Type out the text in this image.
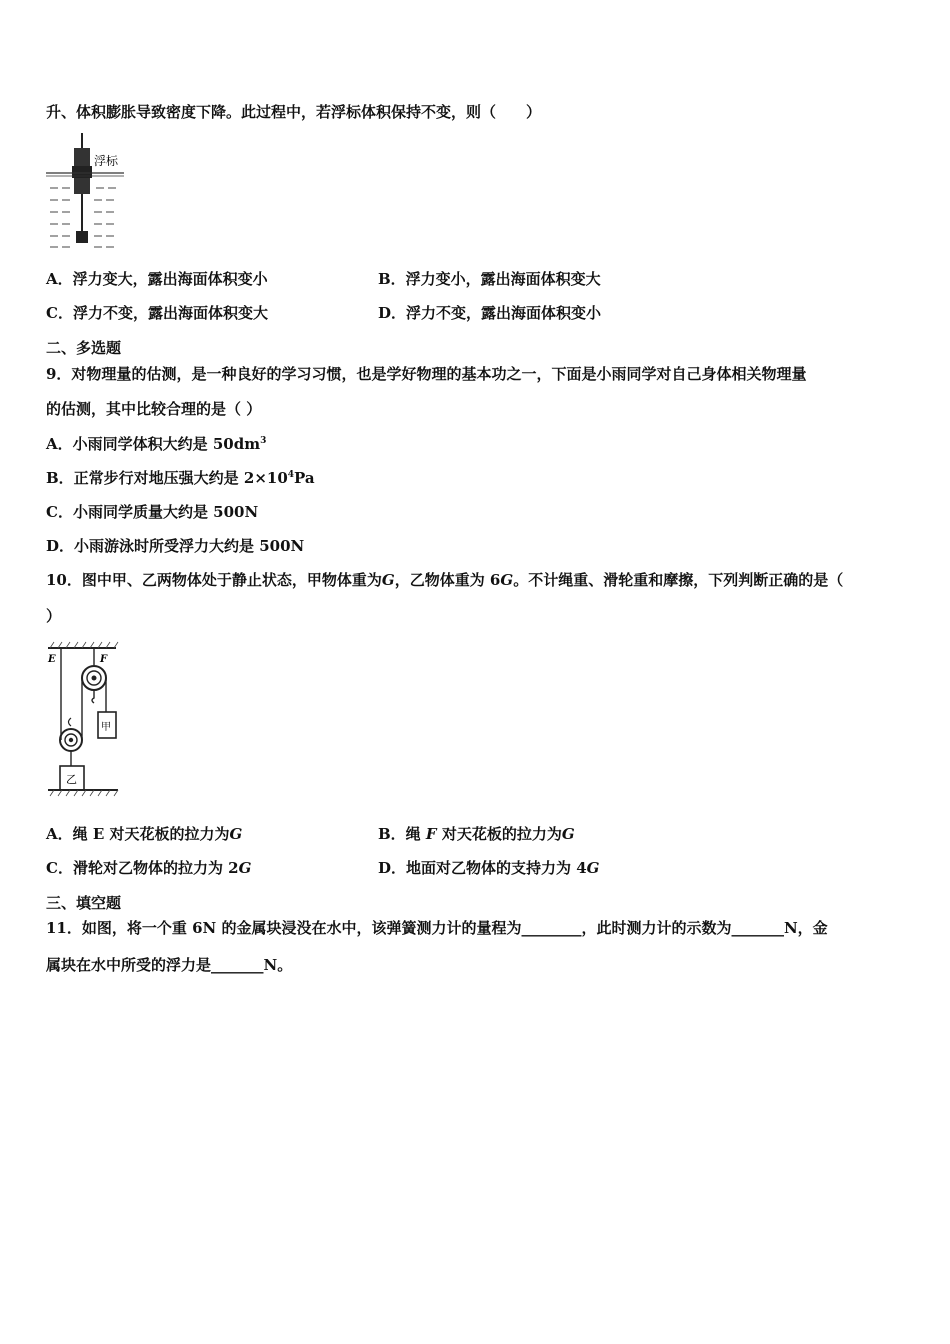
升、体积膨胀导致密度下降。此过程中，若浮标体积保持不变，则（　　）
浮标
A．浮力变大，露出海面体积变小	B．浮力变小，露出海面体积变大
C．浮力不变，露出海面体积变大	D．浮力不变，露出海面体积变小
二、多选题
9．对物理量的估测，是一种良好的学习习惯，也是学好物理的基本功之一，下面是小雨同学对自己身体相关物理量
的估测，其中比较合理的是（ ）
A．小雨同学体积大约是 $50dm^3$
B．正常步行对地压强大约是 $2\times 10^4Pa$
C．小雨同学质量大约是 500N
D．小雨游泳时所受浮力大约是 500N
10．图中甲、乙两物体处于静止状态，甲物体重为G，乙物体重为 6G。不计绳重、滑轮重和摩擦，下列判断正确的是（
）
E	F
甲
乙
A．绳 E 对天花板的拉力为G	B．绳 F 对天花板的拉力为G
C．滑轮对乙物体的拉力为 2G	D．地面对乙物体的支持力为 4G
三、填空题
11．如图，将一个重 6N 的金属块浸没在水中，该弹簧测力计的量程为________，此时测力计的示数为_______N，金
属块在水中所受的浮力是_______N。
